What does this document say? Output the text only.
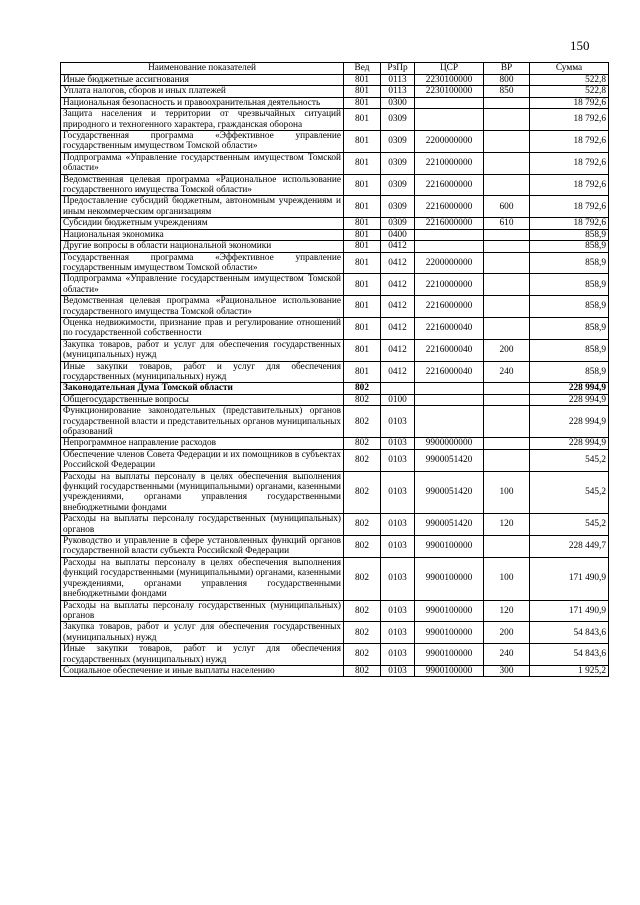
150
Наименование показателей	Вед	РзПр	ЦСР	ВР	Сумма
Иные бюджетные ассигнования	801	0113	2230100000	800	522,8
Уплата налогов, сборов и иных платежей	801	0113	2230100000	850	522,8
Национальная безопасность и правоохранительная деятельность	801	0300			18 792,6
Защита населения и территории от чрезвычайных ситуаций природного и техногенного характера, гражданская оборона	801	0309			18 792,6
Государственная программа «Эффективное управление государственным имуществом Томской области»	801	0309	2200000000		18 792,6
Подпрограмма «Управление государственным имуществом Томской области»	801	0309	2210000000		18 792,6
Ведомственная целевая программа «Рациональное использование государственного имущества Томской области»	801	0309	2216000000		18 792,6
Предоставление субсидий бюджетным, автономным учреждениям и иным некоммерческим организациям	801	0309	2216000000	600	18 792,6
Субсидии бюджетным учреждениям	801	0309	2216000000	610	18 792,6
Национальная экономика	801	0400			858,9
Другие вопросы в области национальной экономики	801	0412			858,9
Государственная программа «Эффективное управление государственным имуществом Томской области»	801	0412	2200000000		858,9
Подпрограмма «Управление государственным имуществом Томской области»	801	0412	2210000000		858,9
Ведомственная целевая программа «Рациональное использование государственного имущества Томской области»	801	0412	2216000000		858,9
Оценка недвижимости, признание прав и регулирование отношений по государственной собственности	801	0412	2216000040		858,9
Закупка товаров, работ и услуг для обеспечения государственных (муниципальных) нужд	801	0412	2216000040	200	858,9
Иные закупки товаров, работ и услуг для обеспечения государственных (муниципальных) нужд	801	0412	2216000040	240	858,9
Законодательная Дума Томской области	802				228 994,9
Общегосударственные вопросы	802	0100			228 994,9
Функционирование законодательных (представительных) органов государственной власти и представительных органов муниципальных образований	802	0103			228 994,9
Непрограммное направление расходов	802	0103	9900000000		228 994,9
Обеспечение членов Совета Федерации и их помощников в субъектах Российской Федерации	802	0103	9900051420		545,2
Расходы на выплаты персоналу в целях обеспечения выполнения функций государственными (муниципальными) органами, казенными учреждениями, органами управления государственными внебюджетными фондами	802	0103	9900051420	100	545,2
Расходы на выплаты персоналу государственных (муниципальных) органов	802	0103	9900051420	120	545,2
Руководство и управление в сфере установленных функций органов государственной власти субъекта Российской Федерации	802	0103	9900100000		228 449,7
Расходы на выплаты персоналу в целях обеспечения выполнения функций государственными (муниципальными) органами, казенными учреждениями, органами управления государственными внебюджетными фондами	802	0103	9900100000	100	171 490,9
Расходы на выплаты персоналу государственных (муниципальных) органов	802	0103	9900100000	120	171 490,9
Закупка товаров, работ и услуг для обеспечения государственных (муниципальных) нужд	802	0103	9900100000	200	54 843,6
Иные закупки товаров, работ и услуг для обеспечения государственных (муниципальных) нужд	802	0103	9900100000	240	54 843,6
Социальное обеспечение и иные выплаты населению	802	0103	9900100000	300	1 925,2
